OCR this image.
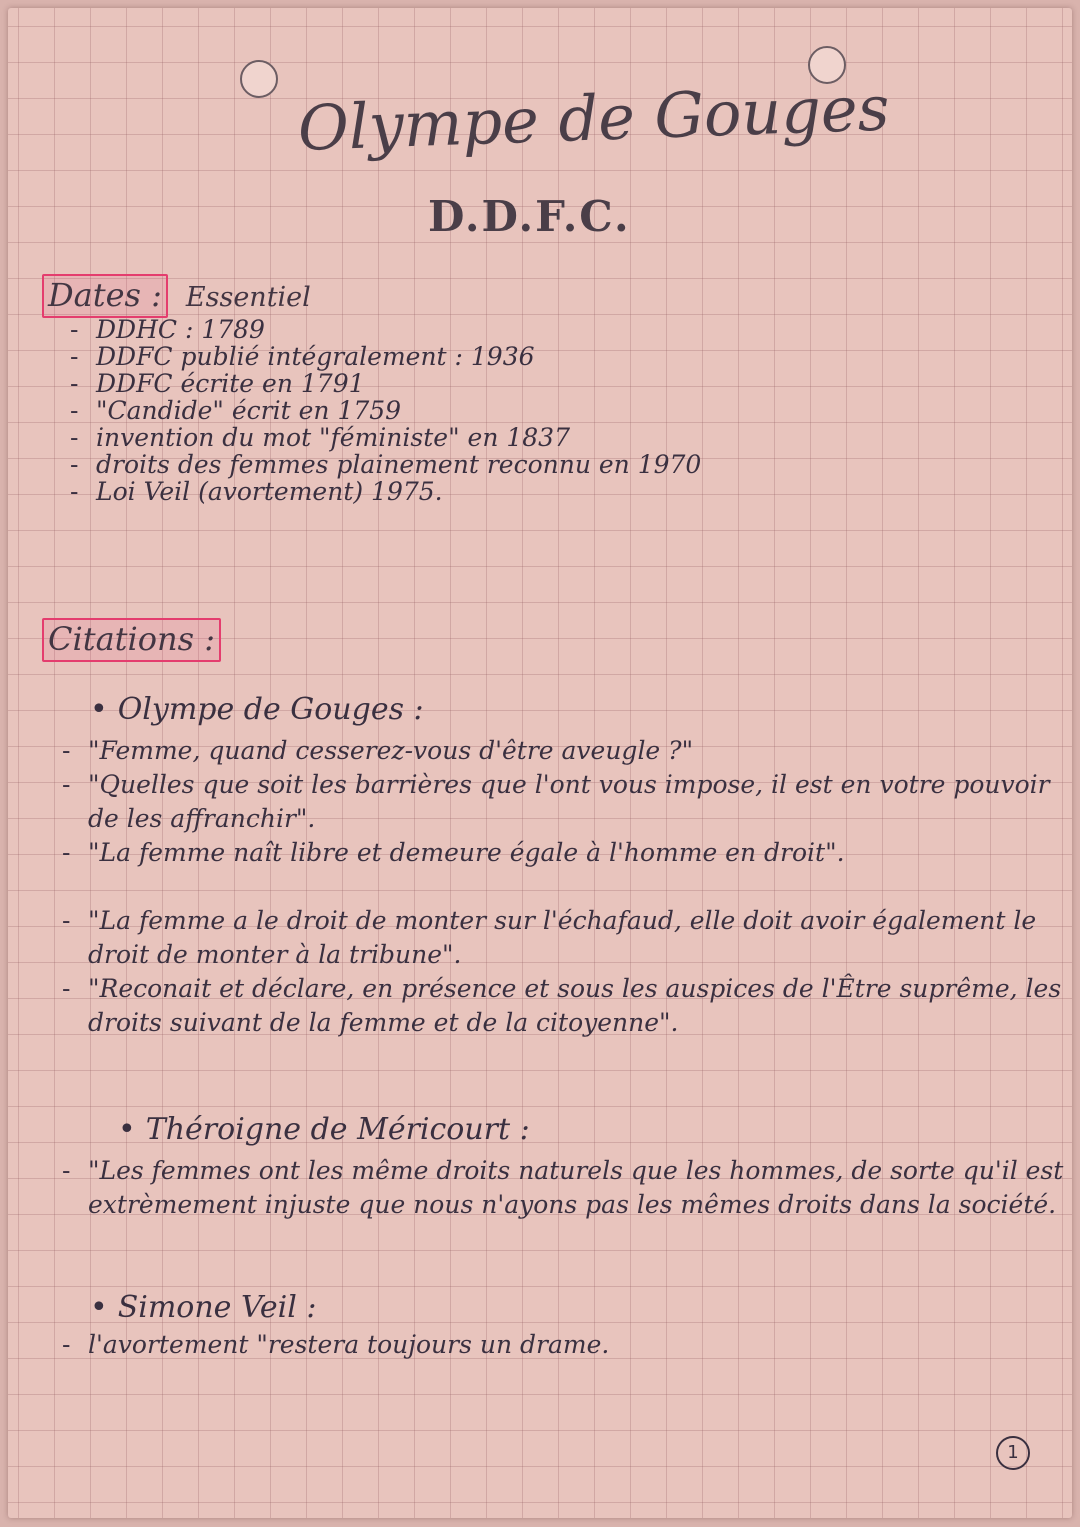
Olympe de Gouges
D.D.F.C.
Dates : Essentiel
- DDHC : 1789
- DDFC publié intégralement : 1936
- DDFC écrite en 1791
- "Candide" écrit en 1759
- invention du mot "féministe" en 1837
- droits des femmes plainement reconnu en 1970
- Loi Veil (avortement) 1975.
Citations :
• Olympe de Gouges :
- "Femme, quand cesserez-vous d'être aveugle ?"
- "Quelles que soit les barrières que l'ont vous impose, il est en votre pouvoir de les affranchir".
- "La femme naît libre et demeure égale à l'homme en droit".
- "La femme a le droit de monter sur l'échafaud, elle doit avoir également le droit de monter à la tribune".
- "Reconait et déclare, en présence et sous les auspices de l'Être suprême, les droits suivant de la femme et de la citoyenne".
• Théroigne de Méricourt :
- "Les femmes ont les même droits naturels que les hommes, de sorte qu'il est extrèmement injuste que nous n'ayons pas les mêmes droits dans la société.
• Simone Veil :
- l'avortement "restera toujours un drame.
1
